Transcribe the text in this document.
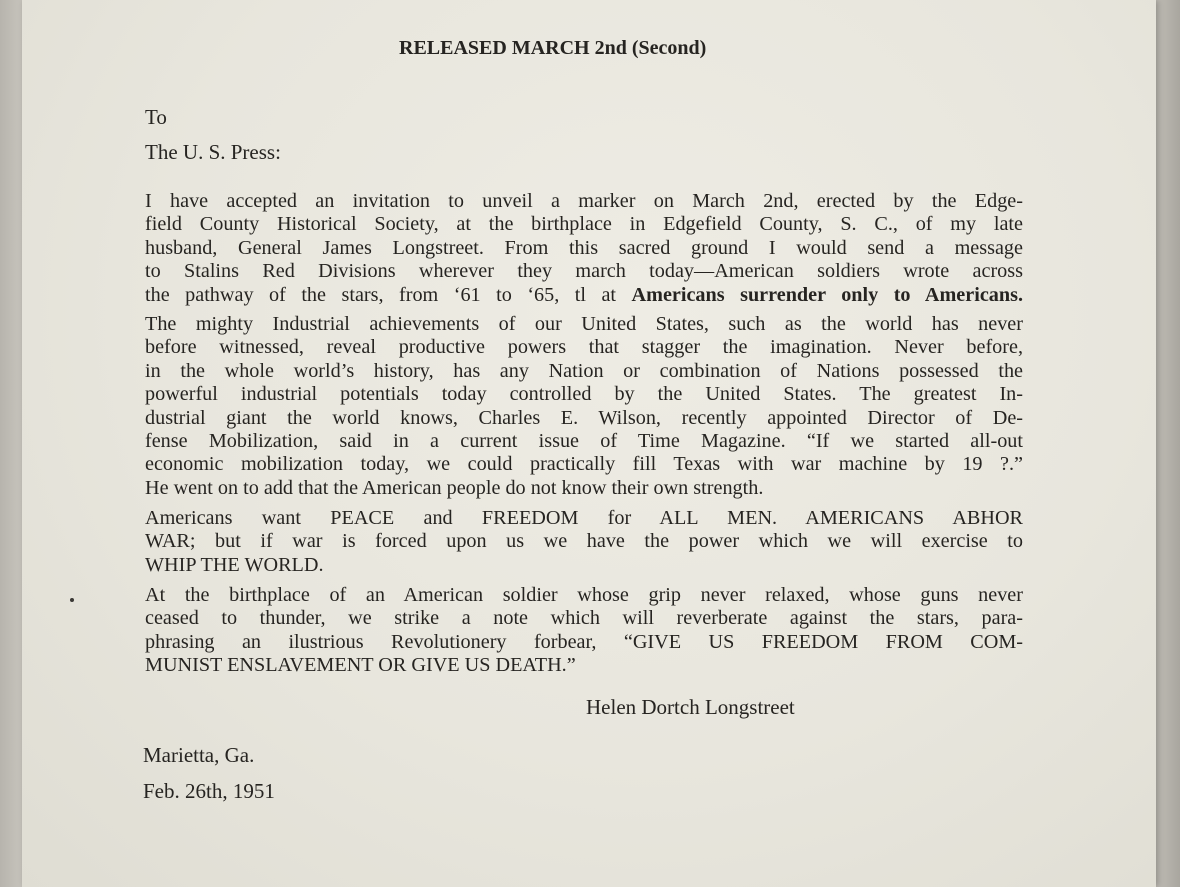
RELEASED MARCH 2nd (Second)
To
The U. S. Press:
I have accepted an invitation to unveil a marker on March 2nd, erected by the Edge-
field County Historical Society, at the birthplace in Edgefield County, S. C., of my late
husband, General James Longstreet. From this sacred ground I would send a message
to Stalins Red Divisions wherever they march today—American soldiers wrote across
the pathway of the stars, from ‘61 to ‘65, tl at Americans surrender only to Americans.
The mighty Industrial achievements of our United States, such as the world has never
before witnessed, reveal productive powers that stagger the imagination. Never before,
in the whole world’s history, has any Nation or combination of Nations possessed the
powerful industrial potentials today controlled by the United States. The greatest In-
dustrial giant the world knows, Charles E. Wilson, recently appointed Director of De-
fense Mobilization, said in a current issue of Time Magazine. “If we started all-out
economic mobilization today, we could practically fill Texas with war machine by 19 ?.”
He went on to add that the American people do not know their own strength.
Americans want PEACE and FREEDOM for ALL MEN. AMERICANS ABHOR
WAR; but if war is forced upon us we have the power which we will exercise to
WHIP THE WORLD.
At the birthplace of an American soldier whose grip never relaxed, whose guns never
ceased to thunder, we strike a note which will reverberate against the stars, para-
phrasing an ilustrious Revolutionery forbear, “GIVE US FREEDOM FROM COM-
MUNIST ENSLAVEMENT OR GIVE US DEATH.”
Helen Dortch Longstreet
Marietta, Ga.
Feb. 26th, 1951
